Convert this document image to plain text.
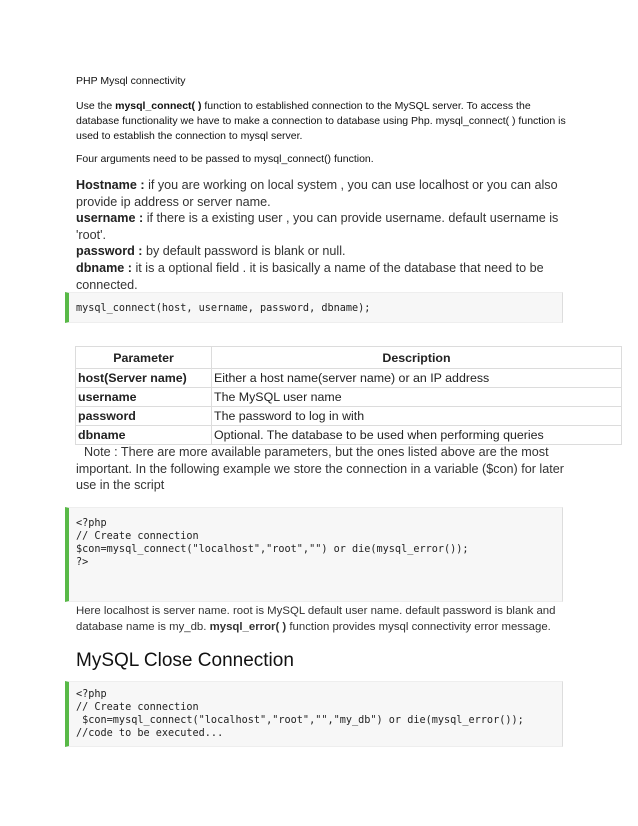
PHP Mysql connectivity
Use the mysql_connect( ) function to established connection to the MySQL server. To access the database functionality we have to make a connection to database using Php. mysql_connect( ) function is used to establish the connection to mysql server.
Four arguments need to be passed to mysql_connect() function.
Hostname : if you are working on local system , you can use localhost or you can also provide ip address or server name.
username : if there is a existing user , you can provide username. default username is 'root'.
password : by default password is blank or null.
dbname : it is a optional field . it is basically a name of the database that need to be connected.
mysql_connect(host, username, password, dbname);
Parameter	Description
host(Server name)	Either a host name(server name) or an IP address
username	The MySQL user name
password	The password to log in with
dbname	Optional. The database to be used when performing queries
Note : There are more available parameters, but the ones listed above are the most important. In the following example we store the connection in a variable ($con) for later use in the script
<?php
// Create connection
$con=mysql_connect("localhost","root","") or die(mysql_error());
?>
Here localhost is server name. root is MySQL default user name. default password is blank and database name is my_db. mysql_error( ) function provides mysql connectivity error message.
MySQL Close Connection
<?php
// Create connection
$con=mysql_connect("localhost","root","","my_db") or die(mysql_error());
//code to be executed...
